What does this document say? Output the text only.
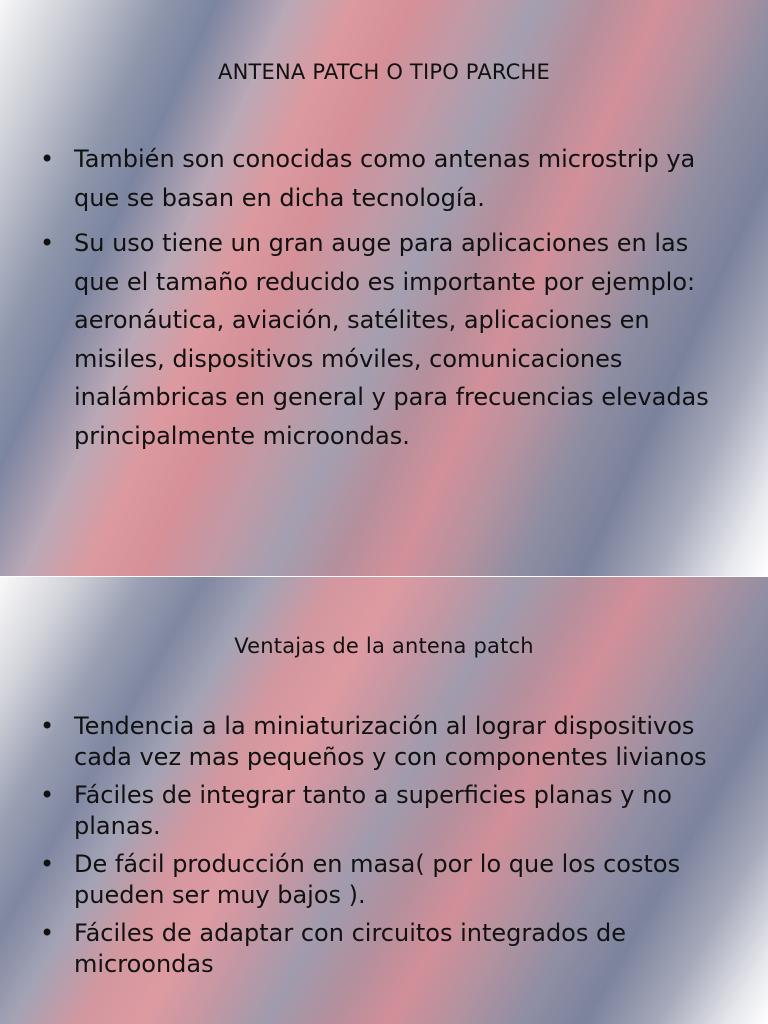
ANTENA PATCH O TIPO PARCHE
• También son conocidas como antenas microstrip ya que se basan en dicha tecnología.
• Su uso tiene un gran auge para aplicaciones en las que el tamaño reducido es importante por ejemplo: aeronáutica, aviación, satélites, aplicaciones en misiles, dispositivos móviles, comunicaciones inalámbricas en general y para frecuencias elevadas principalmente microondas.
Ventajas de la antena patch
• Tendencia a la miniaturización al lograr dispositivos cada vez mas pequeños y con componentes livianos
• Fáciles de integrar tanto a superficies planas y no planas.
• De fácil producción en masa( por lo que los costos pueden ser muy bajos ).
• Fáciles de adaptar con circuitos integrados de microondas
